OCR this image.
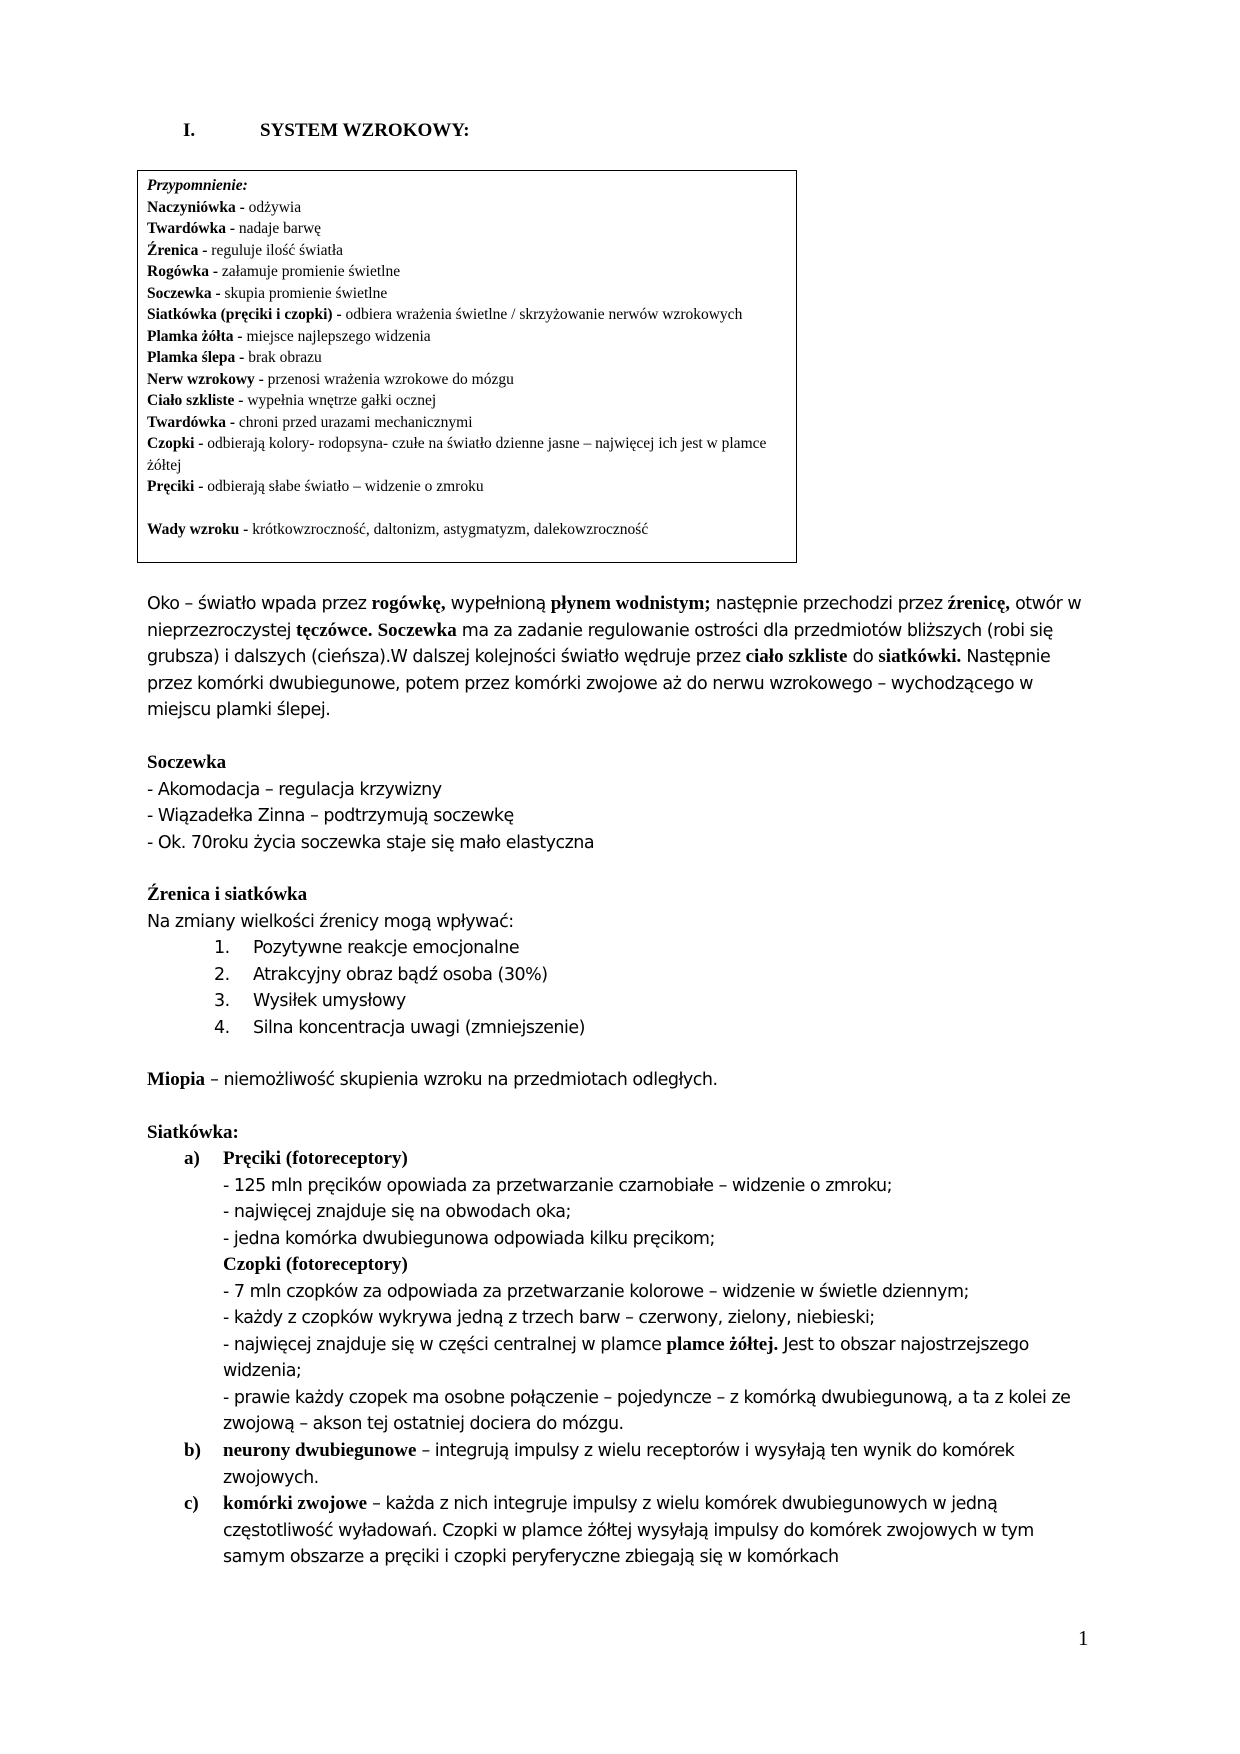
I.	SYSTEM WZROKOWY:
Przypomnienie:
Naczyniówka - odżywia
Twardówka - nadaje barwę
Źrenica - reguluje ilość światła
Rogówka - załamuje promienie świetlne
Soczewka - skupia promienie świetlne
Siatkówka (pręciki i czopki) - odbiera wrażenia świetlne / skrzyżowanie nerwów wzrokowych
Plamka żółta - miejsce najlepszego widzenia
Plamka ślepa - brak obrazu
Nerw wzrokowy - przenosi wrażenia wzrokowe do mózgu
Ciało szkliste - wypełnia wnętrze gałki ocznej
Twardówka - chroni przed urazami mechanicznymi
Czopki - odbierają kolory- rodopsyna- czułe na światło dzienne jasne – najwięcej ich jest w plamce żółtej
Pręciki - odbierają słabe światło – widzenie o zmroku
Wady wzroku - krótkowzroczność, daltonizm, astygmatyzm, dalekowzroczność
Oko – światło wpada przez rogówkę, wypełnioną płynem wodnistym; następnie przechodzi przez źrenicę, otwór w nieprzezroczystej tęczówce. Soczewka ma za zadanie regulowanie ostrości dla przedmiotów bliższych (robi się grubsza) i dalszych (cieńsza).W dalszej kolejności światło wędruje przez ciało szkliste do siatkówki. Następnie przez komórki dwubiegunowe, potem przez komórki zwojowe aż do nerwu wzrokowego – wychodzącego w miejscu plamki ślepej.
Soczewka
- Akomodacja – regulacja krzywizny
- Wiązadełka Zinna – podtrzymują soczewkę
- Ok. 70roku życia soczewka staje się mało elastyczna
Źrenica i siatkówka
Na zmiany wielkości źrenicy mogą wpływać:
1. Pozytywne reakcje emocjonalne
2. Atrakcyjny obraz bądź osoba (30%)
3. Wysiłek umysłowy
4. Silna koncentracja uwagi (zmniejszenie)
Miopia – niemożliwość skupienia wzroku na przedmiotach odległych.
Siatkówka:
a) Pręciki (fotoreceptory)
- 125 mln pręcików opowiada za przetwarzanie czarnobiałe – widzenie o zmroku;
- najwięcej znajduje się na obwodach oka;
- jedna komórka dwubiegunowa odpowiada kilku pręcikom;
Czopki (fotoreceptory)
- 7 mln czopków za odpowiada za przetwarzanie kolorowe – widzenie w świetle dziennym;
- każdy z czopków wykrywa jedną z trzech barw – czerwony, zielony, niebieski;
- najwięcej znajduje się w części centralnej w plamce plamce żółtej. Jest to obszar najostrzejszego widzenia;
- prawie każdy czopek ma osobne połączenie – pojedyncze – z komórką dwubiegunową, a ta z kolei ze zwojową – akson tej ostatniej dociera do mózgu.
b) neurony dwubiegunowe – integrują impulsy z wielu receptorów i wysyłają ten wynik do komórek zwojowych.
c) komórki zwojowe – każda z nich integruje impulsy z wielu komórek dwubiegunowych w jedną częstotliwość wyładowań. Czopki w plamce żółtej wysyłają impulsy do komórek zwojowych w tym samym obszarze a pręciki i czopki peryferyczne zbiegają się w komórkach
1
